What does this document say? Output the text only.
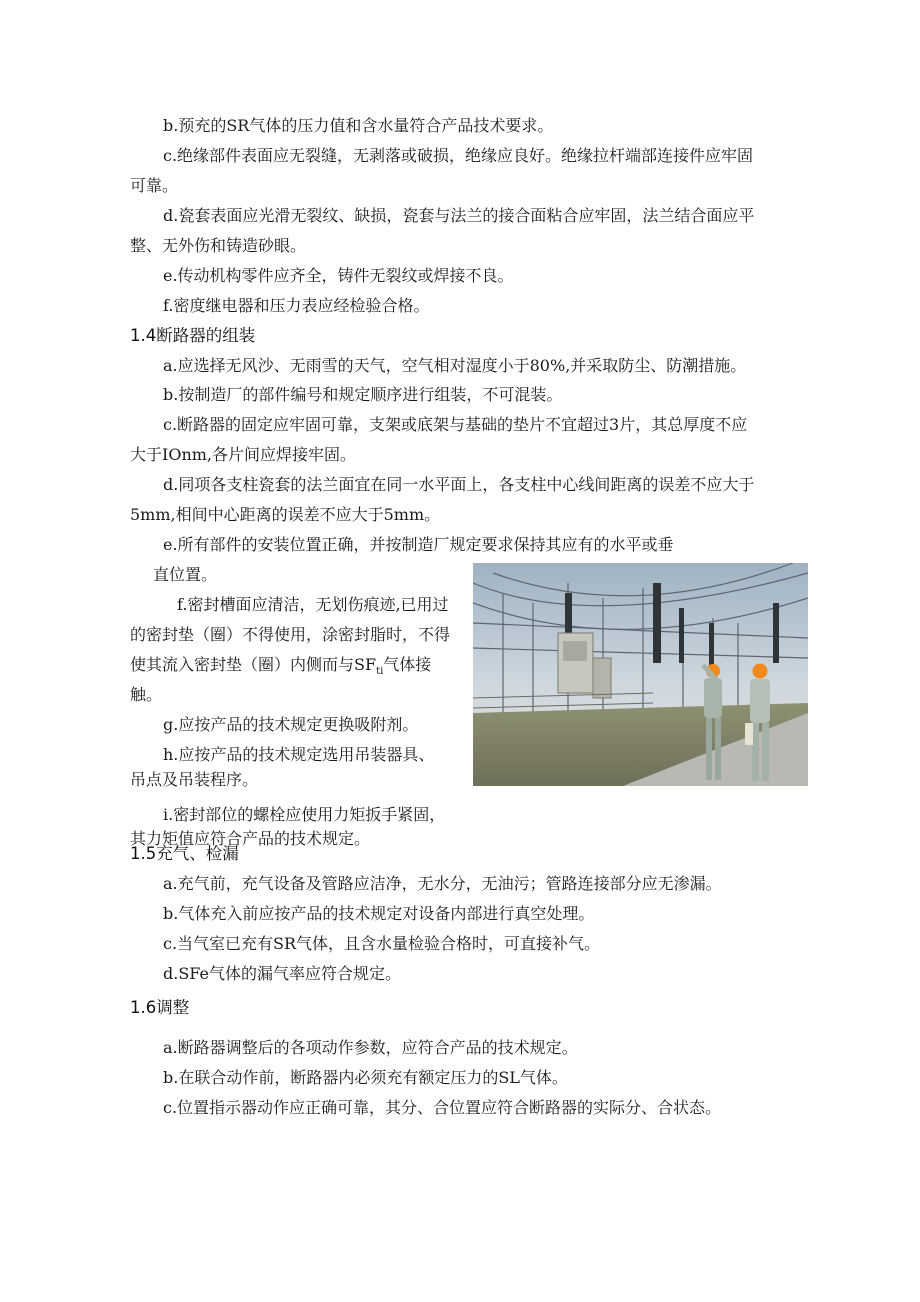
b.预充的SR气体的压力值和含水量符合产品技术要求。
c.绝缘部件表面应无裂缝，无剥落或破损，绝缘应良好。绝缘拉杆端部连接件应牢固
可靠。
d.瓷套表面应光滑无裂纹、缺损，瓷套与法兰的接合面粘合应牢固，法兰结合面应平
整、无外伤和铸造砂眼。
e.传动机构零件应齐全，铸件无裂纹或焊接不良。
f.密度继电器和压力表应经检验合格。
1.4断路器的组装
a.应选择无风沙、无雨雪的天气，空气相对湿度小于80%,并采取防尘、防潮措施。
b.按制造厂的部件编号和规定顺序进行组装，不可混装。
c.断路器的固定应牢固可靠，支架或底架与基础的垫片不宜超过3片，其总厚度不应
大于IOnm,各片间应焊接牢固。
d.同项各支柱瓷套的法兰面宜在同一水平面上，各支柱中心线间距离的误差不应大于
5mm,相间中心距离的误差不应大于5mm。
e.所有部件的安装位置正确，并按制造厂规定要求保持其应有的水平或垂
直位置。
f.密封槽面应清洁，无划伤痕迹,已用过
的密封垫（圈）不得使用，涂密封脂时，不得
使其流入密封垫（圈）内侧而与$SF_{ti}$气体接
触。
g.应按产品的技术规定更换吸附剂。
h.应按产品的技术规定选用吊装器具、
吊点及吊装程序。
i.密封部位的螺栓应使用力矩扳手紧固，
其力矩值应符合产品的技术规定。
1.5充气、检漏
a.充气前，充气设备及管路应洁净，无水分，无油污；管路连接部分应无渗漏。
b.气体充入前应按产品的技术规定对设备内部进行真空处理。
c.当气室已充有SR气体，且含水量检验合格时，可直接补气。
d.SFe气体的漏气率应符合规定。
1.6调整
a.断路器调整后的各项动作参数，应符合产品的技术规定。
b.在联合动作前，断路器内必须充有额定压力的SL气体。
c.位置指示器动作应正确可靠，其分、合位置应符合断路器的实际分、合状态。
